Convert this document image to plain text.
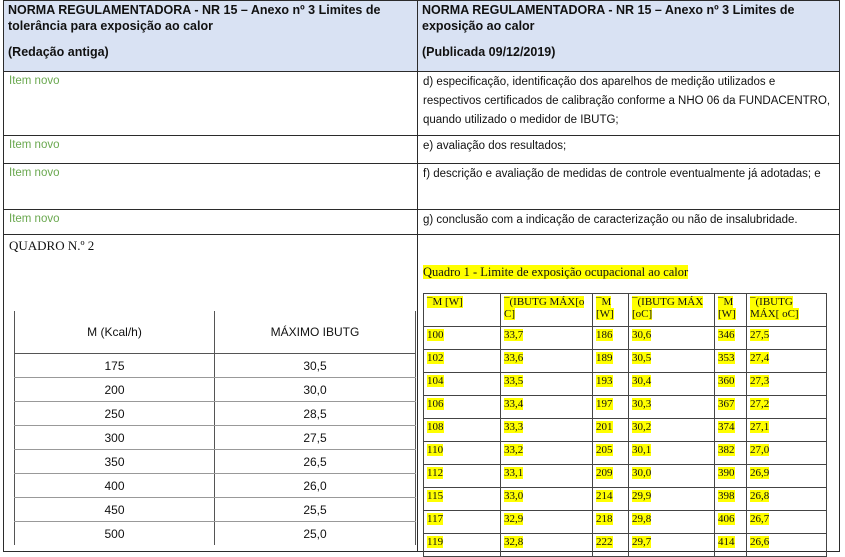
NORMA REGULAMENTADORA - NR 15 – Anexo nº 3 Limites de tolerância para exposição ao calor
(Redação antiga)
	NORMA REGULAMENTADORA - NR 15 – Anexo nº 3 Limites de exposição ao calor
(Publicada 09/12/2019)

Item novo	d) especificação, identificação dos aparelhos de medição utilizados e respectivos certificados de calibração conforme a NHO 06 da FUNDACENTRO, quando utilizado o medidor de IBUTG;
Item novo	e) avaliação dos resultados;
Item novo	f) descrição e avaliação de medidas de controle eventualmente já adotadas; e
Item novo	g) conclusão com a indicação de caracterização ou não de insalubridade.

QUADRO N.º 2
M (Kcal/h)	MÁXIMO IBUTG
175	30,5
200	30,0
250	28,5
300	27,5
350	26,5
400	26,0
450	25,5
500	25,0

Quadro 1 - Limite de exposição ocupacional ao calor
¯M [W]	¯(IBUTG MÁX[o C]	¯M [W]	¯(IBUTG MÁX [oC]	¯M [W]	¯(IBUTG MÁX[ oC]
100	33,7	186	30,6	346	27,5
102	33,6	189	30,5	353	27,4
104	33,5	193	30,4	360	27,3
106	33,4	197	30,3	367	27,2
108	33,3	201	30,2	374	27,1
110	33,2	205	30,1	382	27,0
112	33,1	209	30,0	390	26,9
115	33,0	214	29,9	398	26,8
117	32,9	218	29,8	406	26,7
119	32,8	222	29,7	414	26,6
